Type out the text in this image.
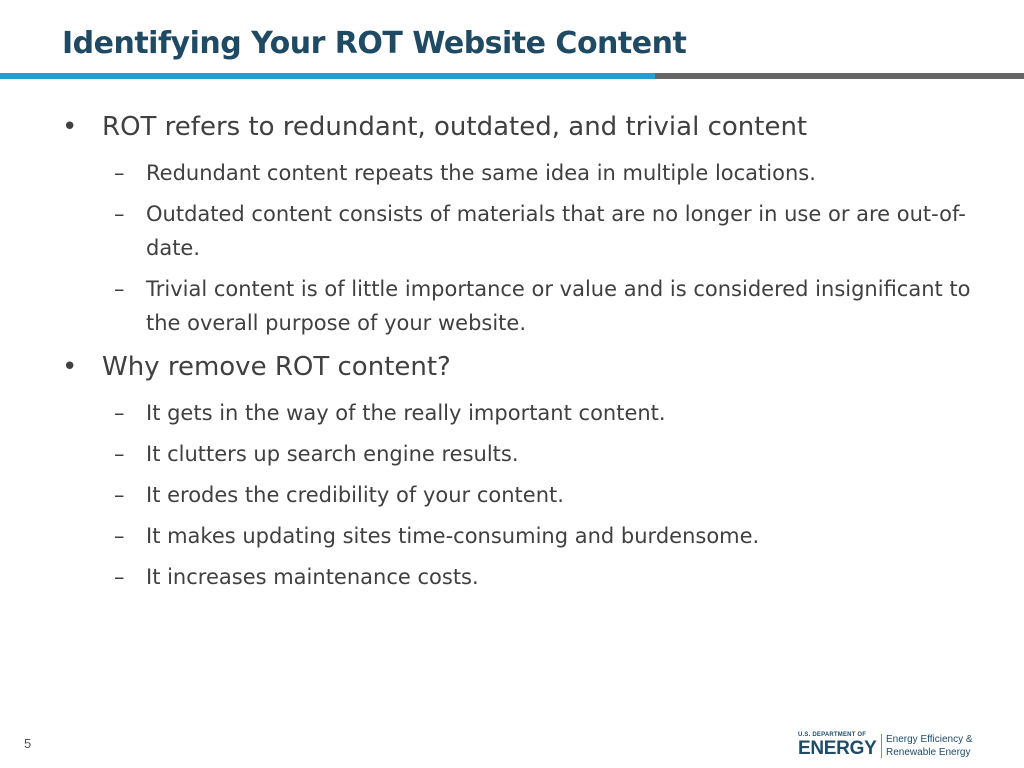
Identifying Your ROT Website Content
• ROT refers to redundant, outdated, and trivial content
– Redundant content repeats the same idea in multiple locations.
– Outdated content consists of materials that are no longer in use or are out-of-date.
– Trivial content is of little importance or value and is considered insignificant to the overall purpose of your website.
• Why remove ROT content?
– It gets in the way of the really important content.
– It clutters up search engine results.
– It erodes the credibility of your content.
– It makes updating sites time-consuming and burdensome.
– It increases maintenance costs.
5
U.S. DEPARTMENT OF
ENERGY Energy Efficiency &
Renewable Energy
